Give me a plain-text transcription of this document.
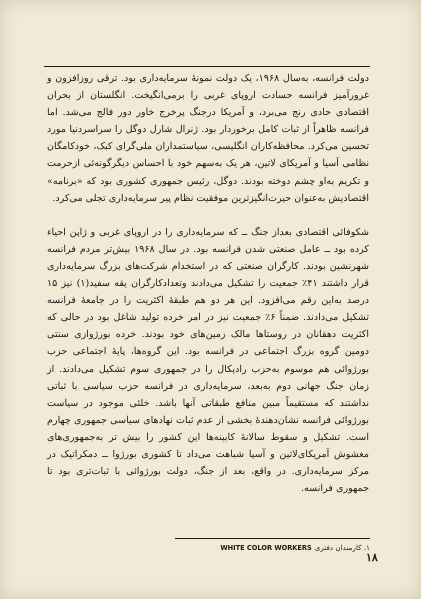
دولت فرانسه، به‌سال ۱۹۶۸، یک دولت نمونهٔ سرمایه‌داری بود. ترقی روزافزون و غرورآمیز فرانسه حسادت اروپای غربی را برمی‌انگیخت. انگلستان از بحران اقتصادی حادی رنج می‌برد، و آمریکا درجنگ پرخرج خاور دور فالج می‌شد. اما فرانسه ظاهراً از ثبات کامل برخوردار بود. ژنرال شارل دوگل را سراسردنیا مورد تحسین می‌کرد. محافظه‌کاران انگلیسی، سیاستمداران ملی‌گرای کبک، خودکامگان نظامی آسیا و آمریکای لاتین، هر یک به‌سهم خود با احساس دیگرگونه‌ئی ازحرمت و تکریم به‌او چشم دوخته بودند. دوگل، رئیس جمهوری کشوری بود که «برنامه» اقتصادیش به‌عنوان حیرت‌انگیزترین موفقیت نظام پیر سرمایه‌داری تجلی می‌کرد.

شکوفائی اقتصادی بعداز جنگ ــ که سرمایه‌داری را در اروپای غربی و ژاپن احیاء کرده بود ــ عامل صنعتی شدن فرانسه بود. در سال ۱۹۶۸ بیش‌تر مردم فرانسه شهرنشین بودند. کارگران صنعتی که در استخدام شرکت‌های بزرگ سرمایه‌داری قرار داشتند ۴۱٪ جمعیت را تشکیل می‌دادند وتعدادکارگران یقه سفید(۱) نیز ۱۵ درصد به‌این رقم می‌افزود. این هر دو هم طبقهٔ اکثریت را در جامعهٔ فرانسه تشکیل می‌دادند. ضمناً ۶٪ جمعیت نیز در امر خرده تولید شاغل بود در حالی که اکثریت دهقانان در روستاها مالک زمین‌های خود بودند. خرده بورژوازی سنتی دومین گروه بزرگ اجتماعی در فرانسه بود. این گروه‌ها، پایهٔ اجتماعی حزب بورژوائی هم موسوم به‌حزب رادیکال را در جمهوری سوم تشکیل می‌دادند. از زمان جنگ جهانی دوم به‌بعد، سرمایه‌داری در فرانسه حزب سیاسی با ثباتی نداشتند که مستقیماً مبین منافع طبقاتی آنها باشد. خلئی موجود در سیاست بورژوائی فرانسه نشان‌دهندهٔ بخشی از عدم ثبات نهادهای سیاسی جمهوری چهارم است. تشکیل و سقوط سالانهٔ کابینه‌ها این کشور را بیش تر به‌جمهوری‌های مغشوش آمریکای‌لاتین و آسیا شباهت می‌داد تا کشوری بورژوا ــ دمکراتیک در مرکز سرمایه‌داری. در واقع، بعد از جنگ، دولت بورژوائی با ثبات‌تری بود تا جمهوری فرانسه.

WHITE COLOR WORKERS ۱. کارمندان دفتری
۱۸
